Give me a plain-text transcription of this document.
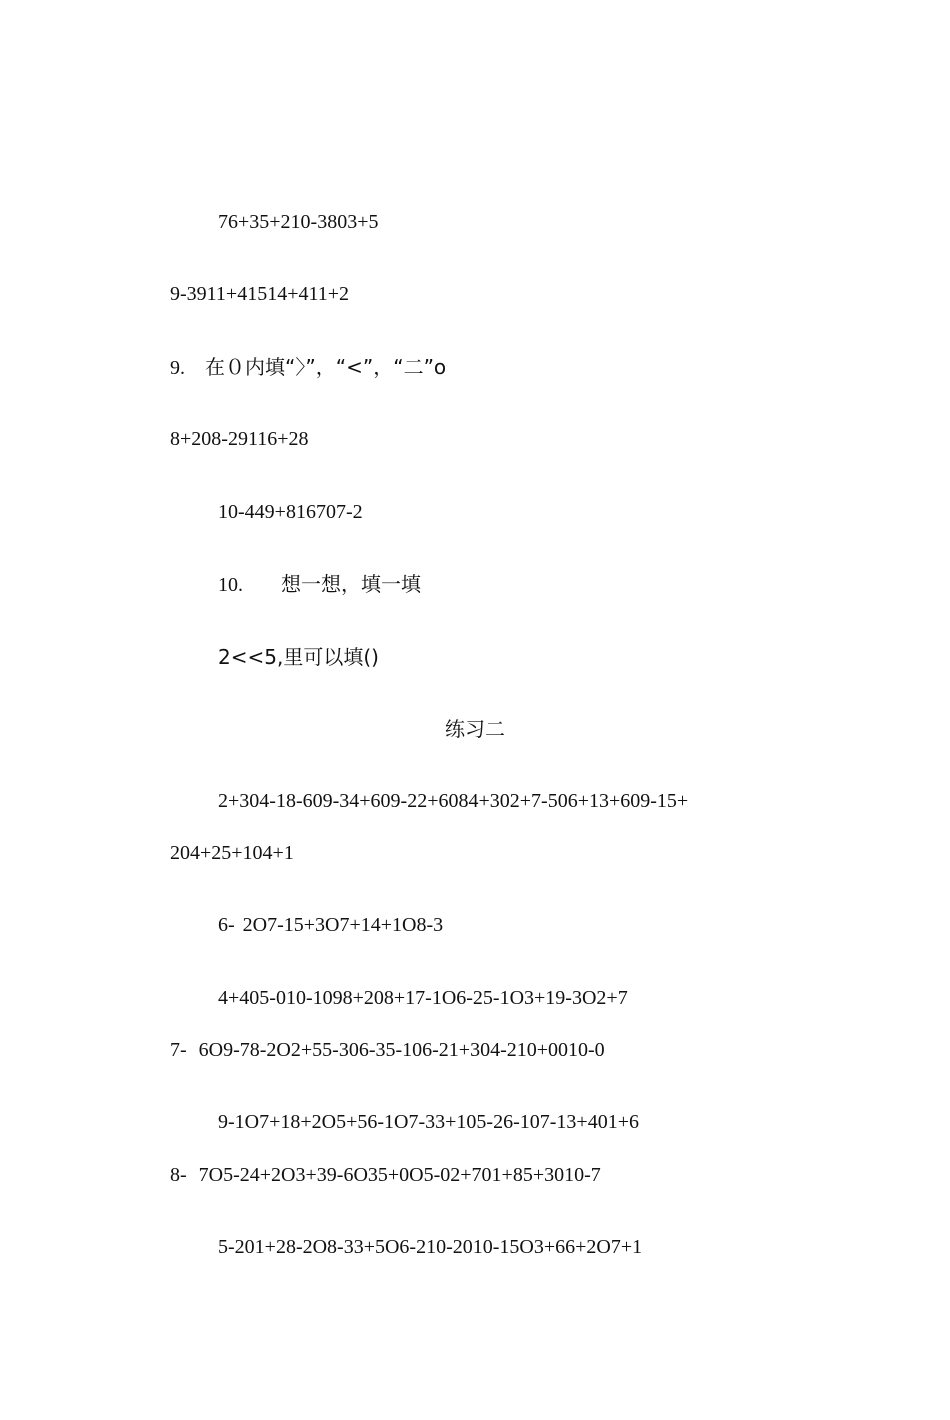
76+35+210-3803+5
9-3911+41514+411+2
9. 在０内填“〉”，“<”，“二”o
8+208-29116+28
10-449+816707-2
10. 想一想，填一填
2<<5,里可以填()
练习二
2+304-18-609-34+609-22+6084+302+7-506+13+609-15+
204+25+104+1
6- 2O7-15+3O7+14+1O8-3
4+405-010-1098+208+17-1O6-25-1O3+19-3O2+7
7- 6O9-78-2O2+55-306-35-106-21+304-210+0010-0
9-1O7+18+2O5+56-1O7-33+105-26-107-13+401+6
8- 7O5-24+2O3+39-6O35+0O5-02+701+85+3010-7
5-201+28-2O8-33+5O6-210-2010-15O3+66+2O7+1
